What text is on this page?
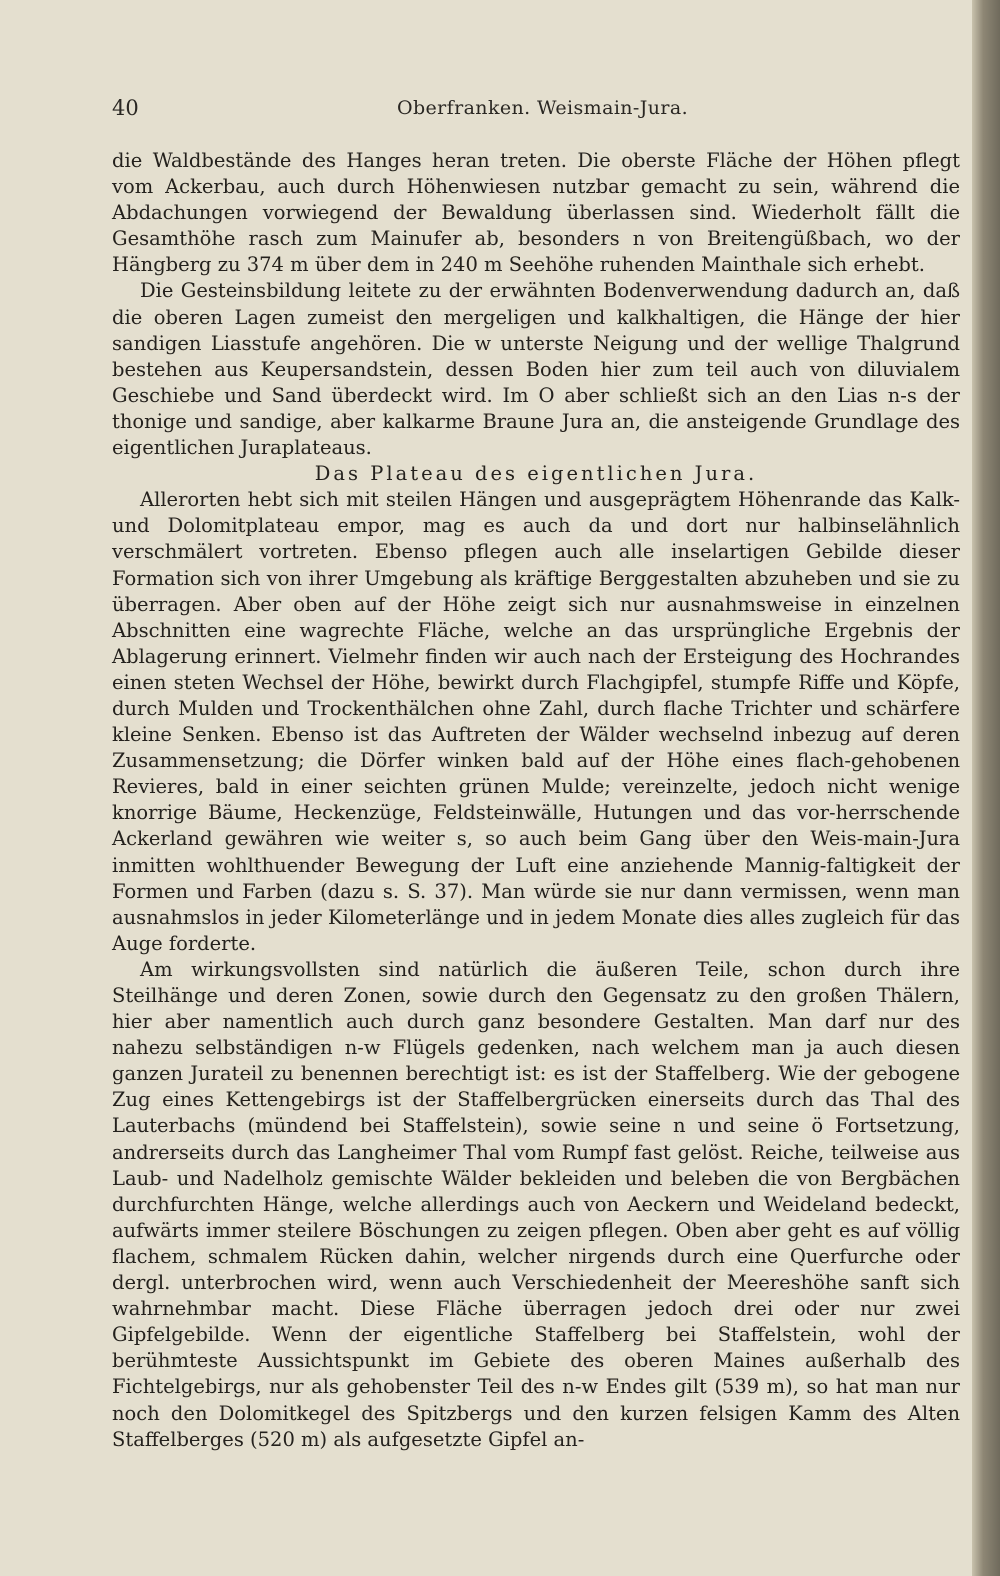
40	Oberfranken. Weismain-Jura.

die Waldbestände des Hanges heran treten. Die oberste Fläche der Höhen pflegt vom Ackerbau, auch durch Höhenwiesen nutzbar gemacht zu sein, während die Abdachungen vorwiegend der Bewaldung überlassen sind. Wiederholt fällt die Gesamthöhe rasch zum Mainufer ab, besonders n von Breitengüßbach, wo der Hängberg zu 374 m über dem in 240 m Seehöhe ruhenden Mainthale sich erhebt.

Die Gesteinsbildung leitete zu der erwähnten Bodenverwendung dadurch an, daß die oberen Lagen zumeist den mergeligen und kalkhaltigen, die Hänge der hier sandigen Liasstufe angehören. Die w unterste Neigung und der wellige Thalgrund bestehen aus Keupersandstein, dessen Boden hier zum teil auch von diluvialem Geschiebe und Sand überdeckt wird. Im O aber schließt sich an den Lias n-s der thonige und sandige, aber kalkarme Braune Jura an, die ansteigende Grundlage des eigentlichen Juraplateaus.

Das Plateau des eigentlichen Jura.

Allerorten hebt sich mit steilen Hängen und ausgeprägtem Höhenrande das Kalk- und Dolomitplateau empor, mag es auch da und dort nur halbinselähnlich verschmälert vortreten. Ebenso pflegen auch alle inselartigen Gebilde dieser Formation sich von ihrer Umgebung als kräftige Berggestalten abzuheben und sie zu überragen. Aber oben auf der Höhe zeigt sich nur ausnahmsweise in einzelnen Abschnitten eine wagrechte Fläche, welche an das ursprüngliche Ergebnis der Ablagerung erinnert. Vielmehr finden wir auch nach der Ersteigung des Hochrandes einen steten Wechsel der Höhe, bewirkt durch Flachgipfel, stumpfe Riffe und Köpfe, durch Mulden und Trockenthälchen ohne Zahl, durch flache Trichter und schärfere kleine Senken. Ebenso ist das Auftreten der Wälder wechselnd inbezug auf deren Zusammensetzung; die Dörfer winken bald auf der Höhe eines flach-gehobenen Revieres, bald in einer seichten grünen Mulde; vereinzelte, jedoch nicht wenige knorrige Bäume, Heckenzüge, Feldsteinwälle, Hutungen und das vor-herrschende Ackerland gewähren wie weiter s, so auch beim Gang über den Weis-main-Jura inmitten wohlthuender Bewegung der Luft eine anziehende Mannig-faltigkeit der Formen und Farben (dazu s. S. 37). Man würde sie nur dann vermissen, wenn man ausnahmslos in jeder Kilometerlänge und in jedem Monate dies alles zugleich für das Auge forderte.

Am wirkungsvollsten sind natürlich die äußeren Teile, schon durch ihre Steilhänge und deren Zonen, sowie durch den Gegensatz zu den großen Thälern, hier aber namentlich auch durch ganz besondere Gestalten. Man darf nur des nahezu selbständigen n-w Flügels gedenken, nach welchem man ja auch diesen ganzen Jurateil zu benennen berechtigt ist: es ist der Staffelberg. Wie der gebogene Zug eines Kettengebirgs ist der Staffelbergrücken einerseits durch das Thal des Lauterbachs (mündend bei Staffelstein), sowie seine n und seine ö Fortsetzung, andrerseits durch das Langheimer Thal vom Rumpf fast gelöst. Reiche, teilweise aus Laub- und Nadelholz gemischte Wälder bekleiden und beleben die von Bergbächen durchfurchten Hänge, welche allerdings auch von Aeckern und Weideland bedeckt, aufwärts immer steilere Böschungen zu zeigen pflegen. Oben aber geht es auf völlig flachem, schmalem Rücken dahin, welcher nirgends durch eine Querfurche oder dergl. unterbrochen wird, wenn auch Verschiedenheit der Meereshöhe sanft sich wahrnehmbar macht. Diese Fläche überragen jedoch drei oder nur zwei Gipfelgebilde. Wenn der eigentliche Staffelberg bei Staffelstein, wohl der berühmteste Aussichtspunkt im Gebiete des oberen Maines außerhalb des Fichtelgebirgs, nur als gehobenster Teil des n-w Endes gilt (539 m), so hat man nur noch den Dolomitkegel des Spitzbergs und den kurzen felsigen Kamm des Alten Staffelberges (520 m) als aufgesetzte Gipfel an-
